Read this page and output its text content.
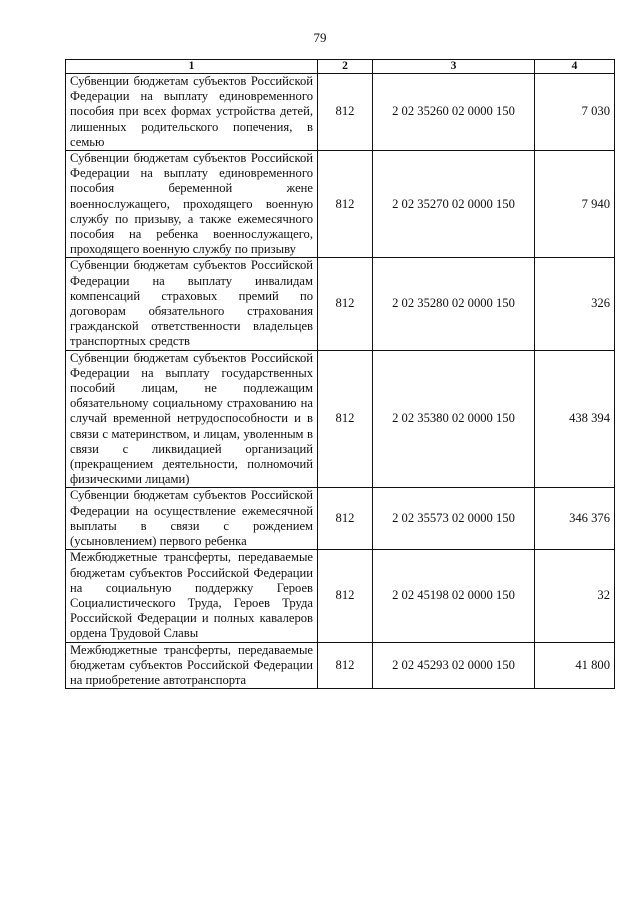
79
1	2	3	4
Субвенции бюджетам субъектов Российской Федерации на выплату единовременного пособия при всех формах устройства детей, лишенных родительского попечения, в семью	812	2 02 35260 02 0000 150	7 030
Субвенции бюджетам субъектов Российской Федерации на выплату единовременного пособия беременной жене военнослужащего, проходящего военную службу по призыву, а также ежемесячного пособия на ребенка военнослужащего, проходящего военную службу по призыву	812	2 02 35270 02 0000 150	7 940
Субвенции бюджетам субъектов Российской Федерации на выплату инвалидам компенсаций страховых премий по договорам обязательного страхования гражданской ответственности владельцев транспортных средств	812	2 02 35280 02 0000 150	326
Субвенции бюджетам субъектов Российской Федерации на выплату государственных пособий лицам, не подлежащим обязательному социальному страхованию на случай временной нетрудоспособности и в связи с материнством, и лицам, уволенным в связи с ликвидацией организаций (прекращением деятельности, полномочий физическими лицами)	812	2 02 35380 02 0000 150	438 394
Субвенции бюджетам субъектов Российской Федерации на осуществление ежемесячной выплаты в связи с рождением (усыновлением) первого ребенка	812	2 02 35573 02 0000 150	346 376
Межбюджетные трансферты, передаваемые бюджетам субъектов Российской Федерации на социальную поддержку Героев Социалистического Труда, Героев Труда Российской Федерации и полных кавалеров ордена Трудовой Славы	812	2 02 45198 02 0000 150	32
Межбюджетные трансферты, передаваемые бюджетам субъектов Российской Федерации на приобретение автотранспорта	812	2 02 45293 02 0000 150	41 800
